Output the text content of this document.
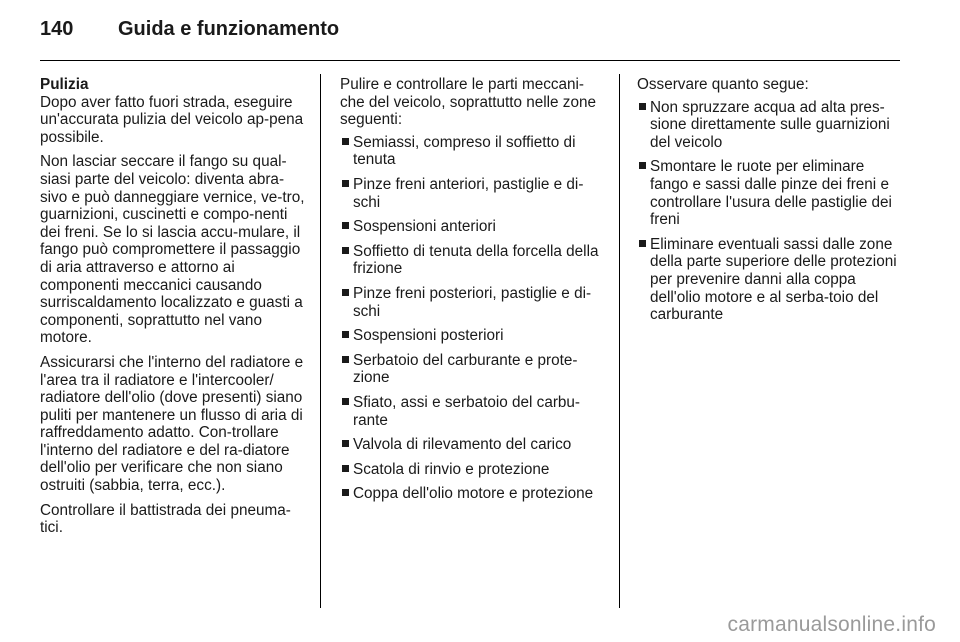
140	Guida e funzionamento

Pulizia

Dopo aver fatto fuori strada, eseguire un'accurata pulizia del veicolo ap-pena possibile.

Non lasciar seccare il fango su qual-siasi parte del veicolo: diventa abra-sivo e può danneggiare vernice, ve-tro, guarnizioni, cuscinetti e compo-nenti dei freni. Se lo si lascia accu-mulare, il fango può compromettere il passaggio di aria attraverso e attorno ai componenti meccanici causando surriscaldamento localizzato e guasti a componenti, soprattutto nel vano motore.

Assicurarsi che l'interno del radiatore e l'area tra il radiatore e l'intercooler/ radiatore dell'olio (dove presenti) siano puliti per mantenere un flusso di aria di raffreddamento adatto. Con-trollare l'interno del radiatore e del ra-diatore dell'olio per verificare che non siano ostruiti (sabbia, terra, ecc.).

Controllare il battistrada dei pneuma-tici.

Pulire e controllare le parti meccani-che del veicolo, soprattutto nelle zone seguenti:

Semiassi, compreso il soffietto di tenuta
Pinze freni anteriori, pastiglie e di-schi
Sospensioni anteriori
Soffietto di tenuta della forcella della frizione
Pinze freni posteriori, pastiglie e di-schi
Sospensioni posteriori
Serbatoio del carburante e prote-zione
Sfiato, assi e serbatoio del carbu-rante
Valvola di rilevamento del carico
Scatola di rinvio e protezione
Coppa dell'olio motore e protezione

Osservare quanto segue:

Non spruzzare acqua ad alta pres-sione direttamente sulle guarnizioni del veicolo
Smontare le ruote per eliminare fango e sassi dalle pinze dei freni e controllare l'usura delle pastiglie dei freni
Eliminare eventuali sassi dalle zone della parte superiore delle protezioni per prevenire danni alla coppa dell'olio motore e al serba-toio del carburante
carmanualsonline.info
